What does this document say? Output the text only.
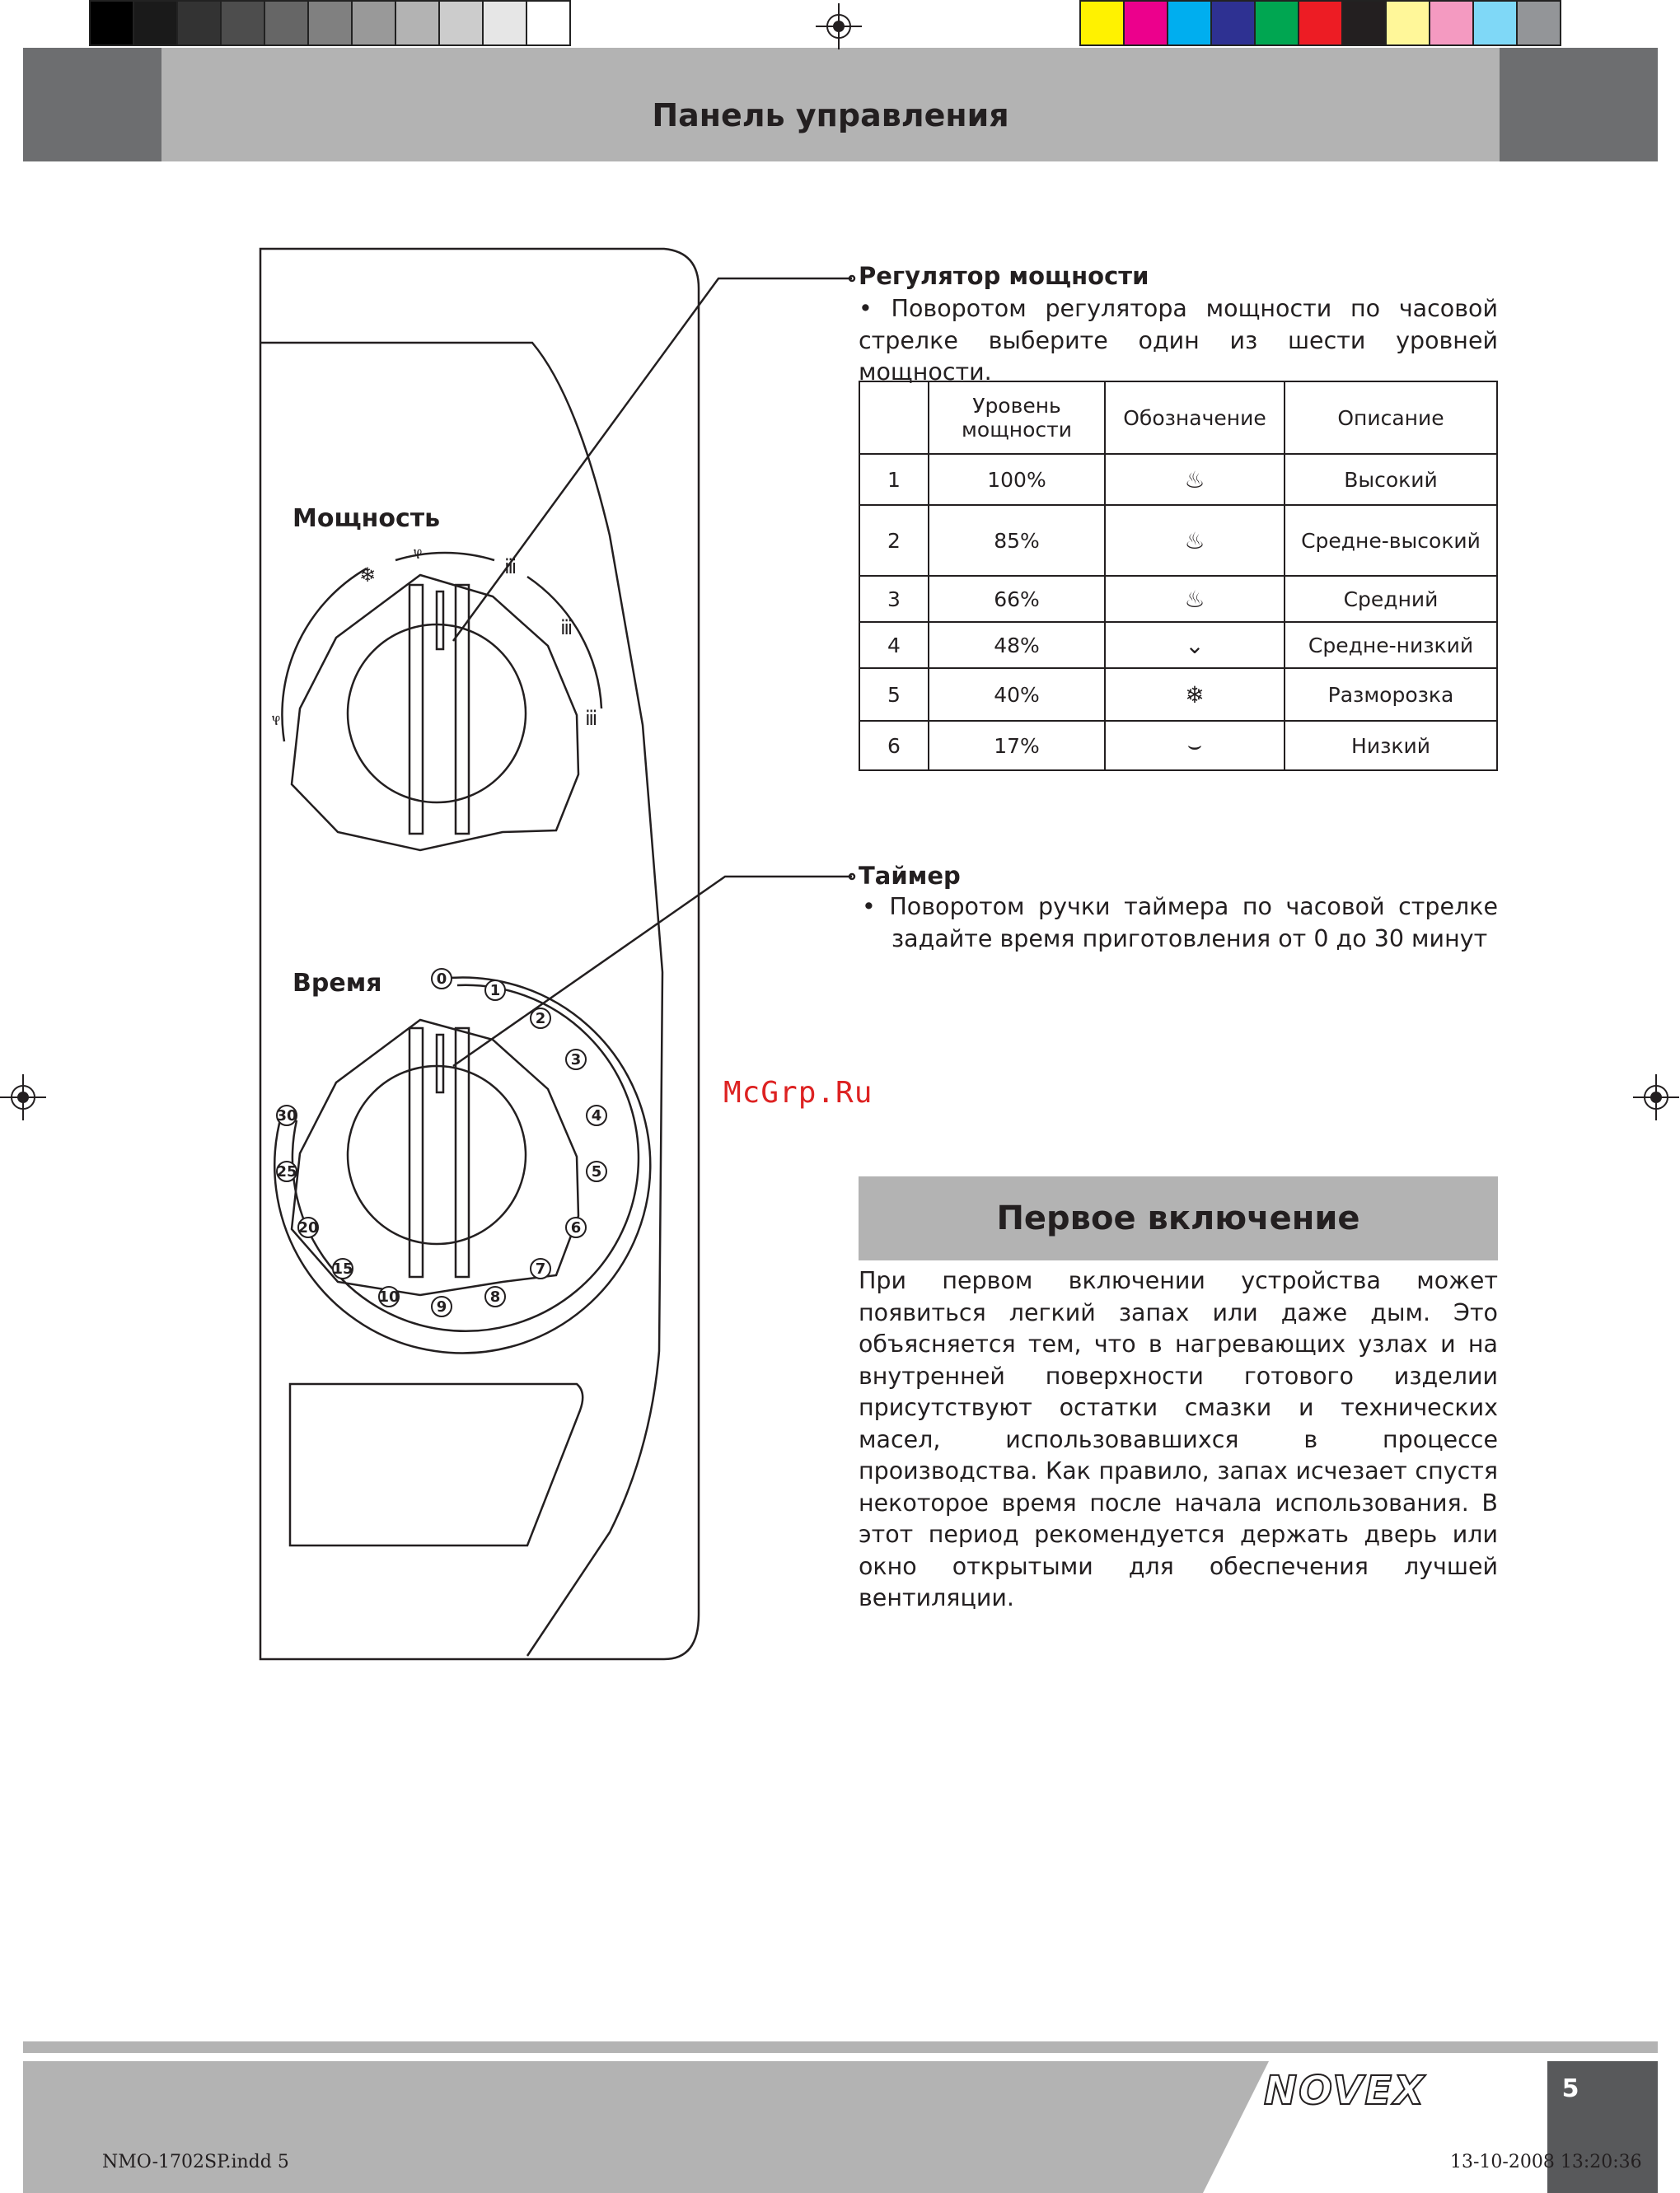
Панель управления
❄
ⳡ
ⅲ
ⅲ
ⅲ
ⳡ
0
1
2
3
4
5
6
7
8
9
10
15
20
25
30
Мощность
Время
Регулятор мощности
• Поворотом регулятора мощности по часовой стрелке выберите один из шести уровней мощности.
	Уровень мощности	Обозначение	Описание
1	100%	♨	Высокий
2	85%	♨	Средне-высокий
3	66%	♨	Средний
4	48%	⌄	Средне-низкий
5	40%	❄	Разморозка
6	17%	⌣	Низкий
Таймер
• Поворотом ручки таймера по часовой стрелке задайте время приготовления от 0 до 30 минут
McGrp.Ru
Первое включение
При первом включении устройства может появиться легкий запах или даже дым. Это объясняется тем, что в нагревающих узлах и на внутренней поверхности готового изделии присутствуют остатки смазки и технических масел, использовавшихся в процессе производства. Как правило, запах исчезает спустя некоторое время после начала использования. В этот период рекомендуется держать дверь или окно открытыми для обеспечения лучшей вентиляции.
NOVEX	5
NMO-1702SP.indd 5	13-10-2008 13:20:36
